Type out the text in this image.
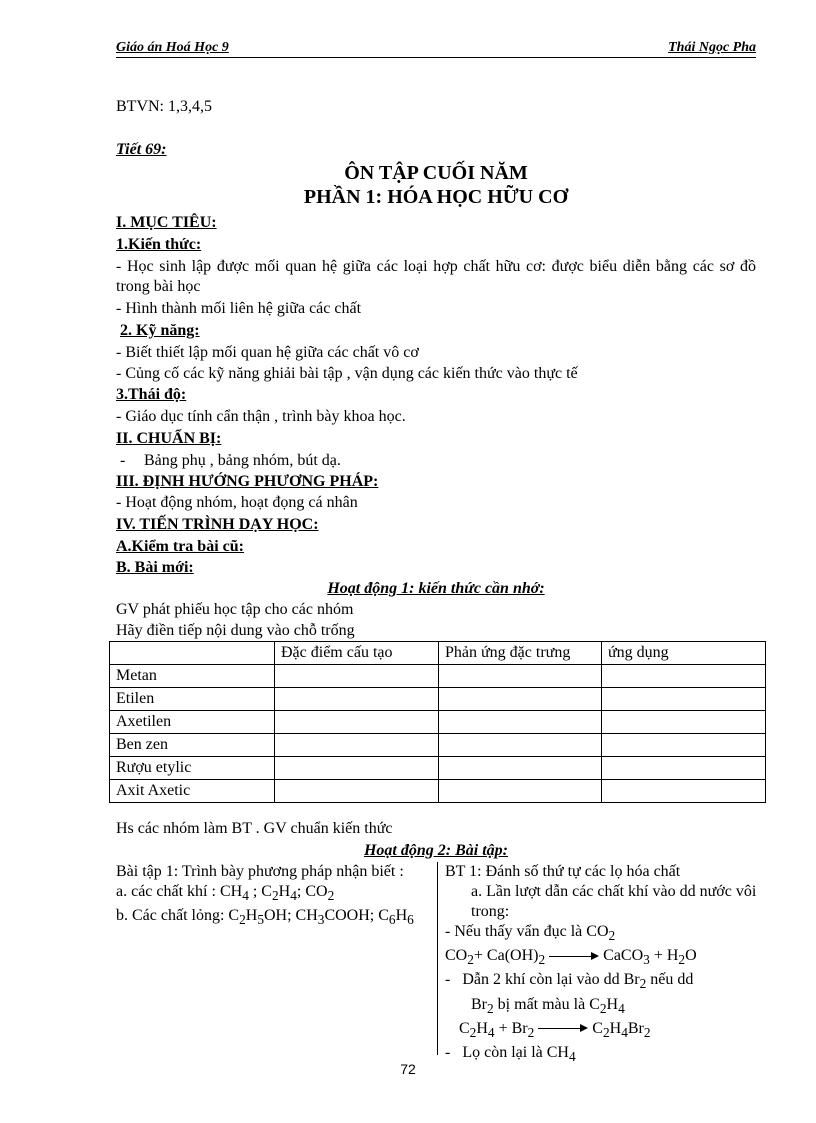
Giáo án Hoá Học 9	Thái Ngọc Pha
BTVN: 1,3,4,5
Tiết 69:
ÔN TẬP CUỐI NĂM
PHẦN 1: HÓA HỌC HỮU CƠ
I. MỤC TIÊU:
1.Kiến thức:
- Học sinh lập được mối quan hệ giữa các loại hợp chất hữu cơ: được biểu diễn bằng các sơ đồ trong bài học
- Hình thành mối liên hệ giữa các chất
2. Kỹ năng:
- Biết thiết lập mối quan hệ giữa các chất vô cơ
- Củng cố các kỹ năng ghiải bài tập , vận dụng các kiến thức vào thực tế
3.Thái độ:
- Giáo dục tính cẩn thận , trình bày khoa học.
II. CHUẨN BỊ:
- Bảng phụ , bảng nhóm, bút dạ.
III. ĐỊNH HƯỚNG PHƯƠNG PHÁP:
- Hoạt động nhóm, hoạt đọng cá nhân
IV. TIẾN TRÌNH DẠY HỌC:
A.Kiểm tra bài cũ:
B. Bài mới:
Hoạt động 1: kiến thức cần nhớ:
GV phát phiếu học tập cho các nhóm
Hãy điền tiếp nội dung vào chỗ trống
	Đặc điểm cấu tạo	Phản ứng đặc trưng	ứng dụng
Metan			
Etilen			
Axetilen			
Ben zen			
Rượu etylic			
Axit Axetic			
Hs các nhóm làm BT . GV chuẩn kiến thức
Hoạt động 2: Bài tập:

Bài tập 1: Trình bày phương pháp nhận biết :

a. các chất khí : $CH_4$ ; $C_2H_4$; $CO_2$

b. Các chất lỏng: $C_2H_5OH$; $CH_3COOH$; $C_6H_6$

BT 1: Đánh số thứ tự các lọ hóa chất

a. Lần lượt dẫn các chất khí vào dd nước vôi trong:

- Nếu thấy vẩn đục là $CO_2$

$CO_2+ Ca(OH)_2$	CaCO$_3$ + $H_2O$

- Dẫn 2 khí còn lại vào dd $Br_2$ nếu dd

$Br_2$ bị mất màu là $C_2H_4$

$C_2H_4 + Br_2$	$C_2H_4Br_2$

- Lọ còn lại là $CH_4$

72
